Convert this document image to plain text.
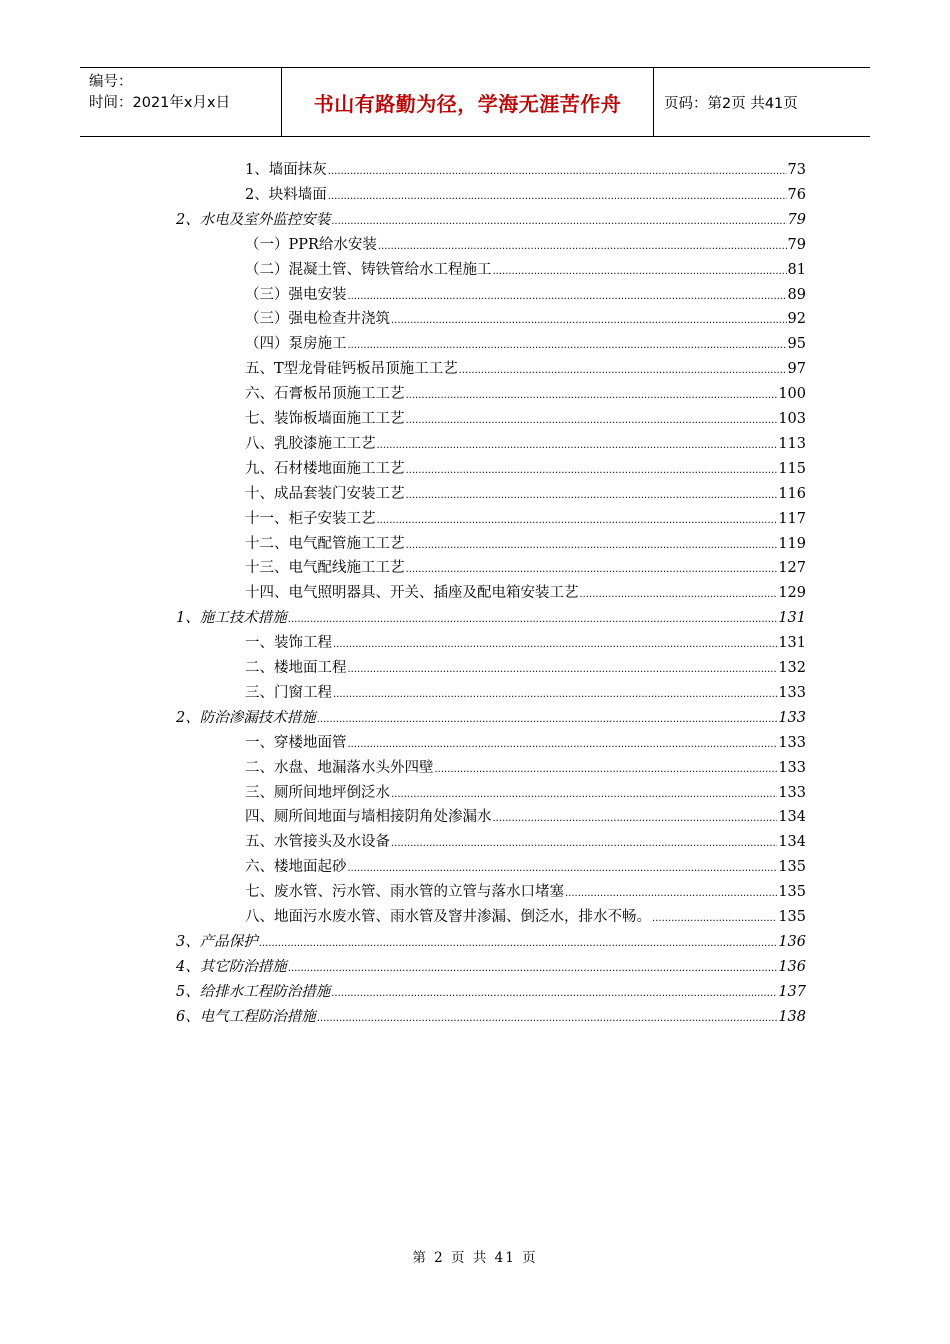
编号：
时间：2021年x月x日	书山有路勤为径，学海无涯苦作舟	页码：第2页 共41页
1、墙面抹灰 .....	73
2、块料墙面 .....	76
2、水电及室外监控安装 .....	79
（一）PPR给水安装 .....	79
（二）混凝土管、铸铁管给水工程施工 .....	81
（三）强电安装 .....	89
（三）强电检查井浇筑 .....	92
（四）泵房施工 .....	95
五、T型龙骨硅钙板吊顶施工工艺 .....	97
六、石膏板吊顶施工工艺 .....	100
七、装饰板墙面施工工艺 .....	103
八、乳胶漆施工工艺 .....	113
九、石材楼地面施工工艺 .....	115
十、成品套装门安装工艺 .....	116
十一、柜子安装工艺 .....	117
十二、电气配管施工工艺 .....	119
十三、电气配线施工工艺 .....	127
十四、电气照明器具、开关、插座及配电箱安装工艺 .....	129
1、施工技术措施 .....	131
一、装饰工程 .....	131
二、楼地面工程 .....	132
三、门窗工程 .....	133
2、防治渗漏技术措施 .....	133
一、穿楼地面管 .....	133
二、水盘、地漏落水头外四壁 .....	133
三、厕所间地坪倒泛水 .....	133
四、厕所间地面与墙相接阴角处渗漏水 .....	134
五、水管接头及水设备 .....	134
六、楼地面起砂 .....	135
七、废水管、污水管、雨水管的立管与落水口堵塞 .....	135
八、地面污水废水管、雨水管及窨井渗漏、倒泛水，排水不畅。 .....	135
3、产品保护 .....	136
4、其它防治措施 .....	136
5、给排水工程防治措施 .....	137
6、电气工程防治措施 .....	138
第 2 页 共 41 页
